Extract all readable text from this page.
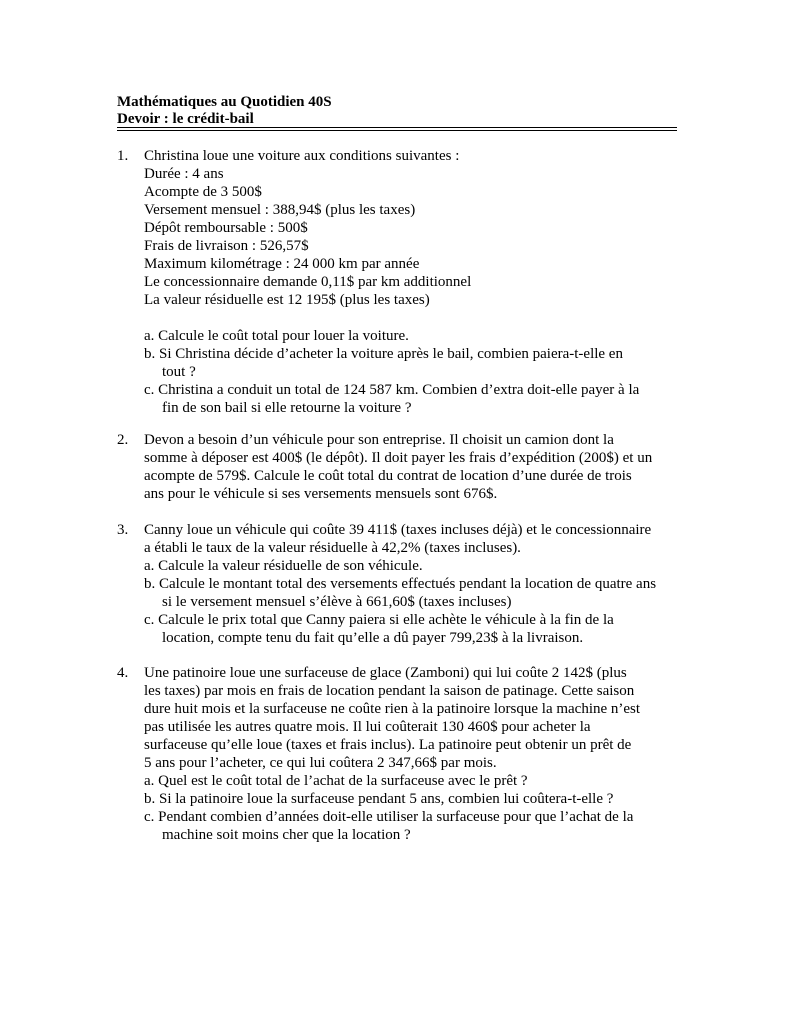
Mathématiques au Quotidien 40S
Devoir : le crédit-bail
1.	Christina loue une voiture aux conditions suivantes :
Durée : 4 ans
Acompte de 3 500$
Versement mensuel : 388,94$ (plus les taxes)
Dépôt remboursable : 500$
Frais de livraison : 526,57$
Maximum kilométrage : 24 000 km par année
Le concessionnaire demande 0,11$ par km additionnel
La valeur résiduelle est 12 195$ (plus les taxes)
a. Calcule le coût total pour louer la voiture.
b. Si Christina décide d’acheter la voiture après le bail, combien paiera-t-elle en
tout ?
c. Christina a conduit un total de 124 587 km. Combien d’extra doit-elle payer à la
fin de son bail si elle retourne la voiture ?
2.	Devon a besoin d’un véhicule pour son entreprise. Il choisit un camion dont la
somme à déposer est 400$ (le dépôt). Il doit payer les frais d’expédition (200$) et un
acompte de 579$. Calcule le coût total du contrat de location d’une durée de trois
ans pour le véhicule si ses versements mensuels sont 676$.
3.	Canny loue un véhicule qui coûte 39 411$ (taxes incluses déjà) et le concessionnaire
a établi le taux de la valeur résiduelle à 42,2% (taxes incluses).
a. Calcule la valeur résiduelle de son véhicule.
b. Calcule le montant total des versements effectués pendant la location de quatre ans
si le versement mensuel s’élève à 661,60$ (taxes incluses)
c. Calcule le prix total que Canny paiera si elle achète le véhicule à la fin de la
location, compte tenu du fait qu’elle a dû payer 799,23$ à la livraison.
4.	Une patinoire loue une surfaceuse de glace (Zamboni) qui lui coûte 2 142$ (plus
les taxes) par mois en frais de location pendant la saison de patinage. Cette saison
dure huit mois et la surfaceuse ne coûte rien à la patinoire lorsque la machine n’est
pas utilisée les autres quatre mois. Il lui coûterait 130 460$ pour acheter la
surfaceuse qu’elle loue (taxes et frais inclus). La patinoire peut obtenir un prêt de
5 ans pour l’acheter, ce qui lui coûtera 2 347,66$ par mois.
a. Quel est le coût total de l’achat de la surfaceuse avec le prêt ?
b. Si la patinoire loue la surfaceuse pendant 5 ans, combien lui coûtera-t-elle ?
c. Pendant combien d’années doit-elle utiliser la surfaceuse pour que l’achat de la
machine soit moins cher que la location ?
